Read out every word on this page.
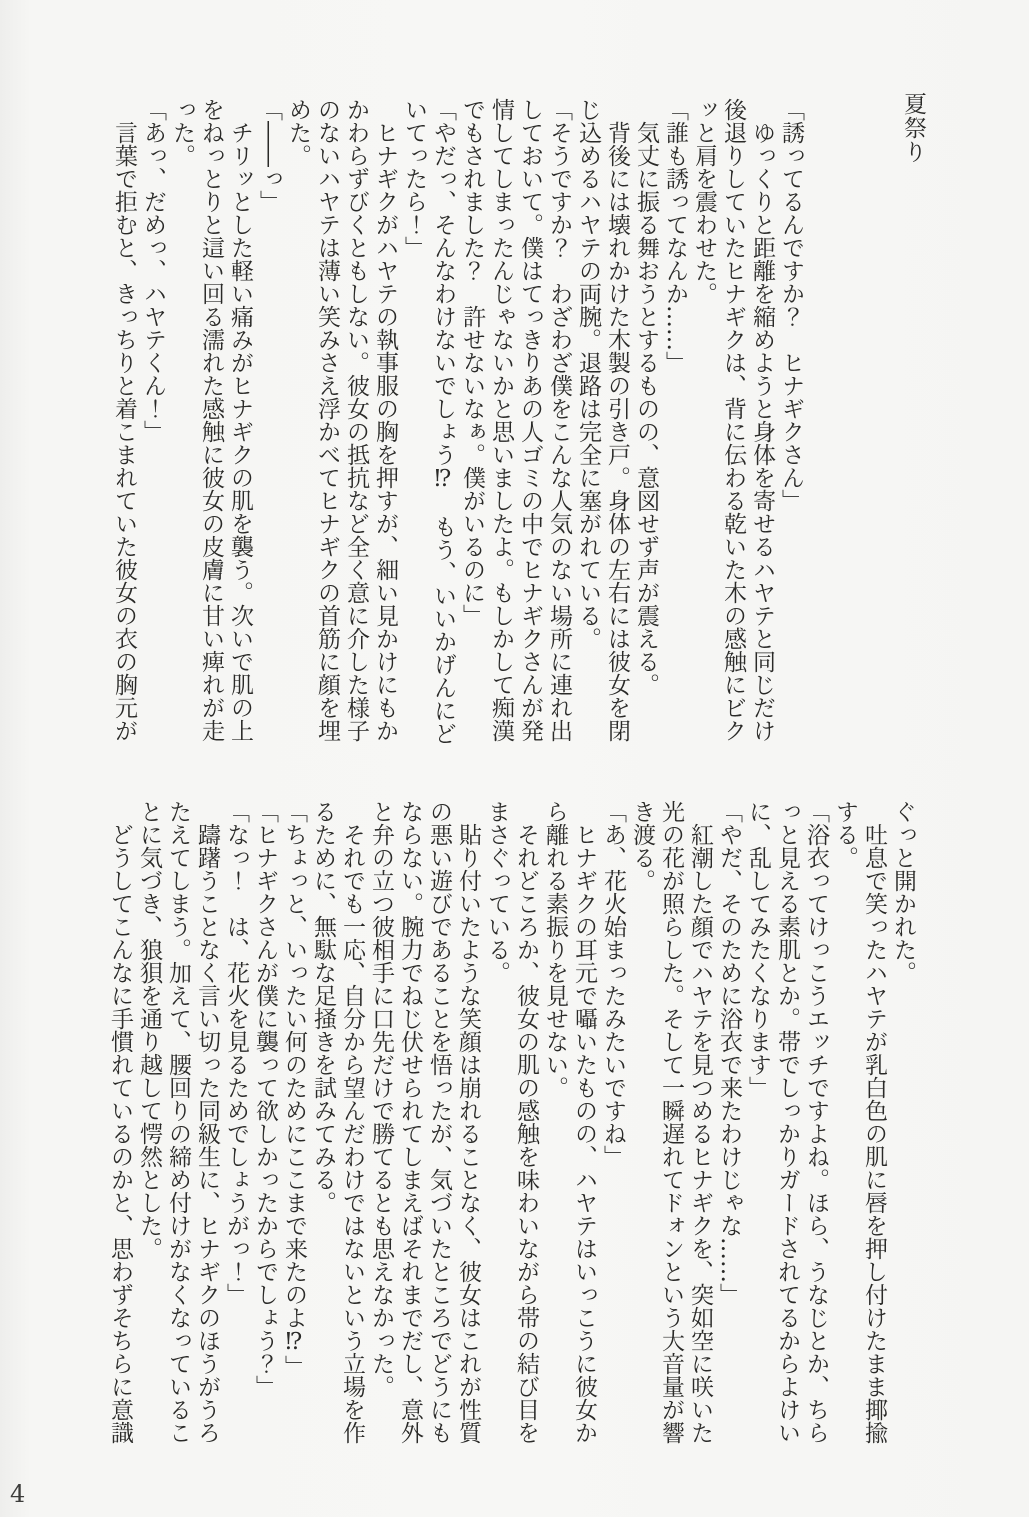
夏祭り
「誘ってるんですか？　ヒナギクさん」
　ゆっくりと距離を縮めようと身体を寄せるハヤテと同じだけ
後退りしていたヒナギクは、背に伝わる乾いた木の感触にビク
ッと肩を震わせた。
「誰も誘ってなんか……」
　気丈に振る舞おうとするものの、意図せず声が震える。
　背後には壊れかけた木製の引き戸。身体の左右には彼女を閉
じ込めるハヤテの両腕。退路は完全に塞がれている。
「そうですか？　わざわざ僕をこんな人気のない場所に連れ出
しておいて。僕はてっきりあの人ゴミの中でヒナギクさんが発
情してしまったんじゃないかと思いましたよ。もしかして痴漢
でもされました？　許せないなぁ。僕がいるのに」
「やだっ、そんなわけないでしょう⁉　もう、いいかげんにど
いてったら！」
　ヒナギクがハヤテの執事服の胸を押すが、細い見かけにもか
かわらずびくともしない。彼女の抵抗など全く意に介した様子
のないハヤテは薄い笑みさえ浮かべてヒナギクの首筋に顔を埋
めた。
「――っ」
　チリッとした軽い痛みがヒナギクの肌を襲う。次いで肌の上
をねっとりと這い回る濡れた感触に彼女の皮膚に甘い痺れが走
った。
「あっ、だめっ、ハヤテくん！」
　言葉で拒むと、きっちりと着こまれていた彼女の衣の胸元が
ぐっと開かれた。
　吐息で笑ったハヤテが乳白色の肌に唇を押し付けたまま揶揄
する。
「浴衣ってけっこうエッチですよね。ほら、うなじとか、ちら
っと見える素肌とか。帯でしっかりガードされてるからよけい
に、乱してみたくなります」
「やだ、そのために浴衣で来たわけじゃな……」
　紅潮した顔でハヤテを見つめるヒナギクを、突如空に咲いた
光の花が照らした。そして一瞬遅れてドォンという大音量が響
き渡る。
「あ、花火始まったみたいですね」
　ヒナギクの耳元で囁いたものの、ハヤテはいっこうに彼女か
ら離れる素振りを見せない。
　それどころか、彼女の肌の感触を味わいながら帯の結び目を
まさぐっている。
　貼り付いたような笑顔は崩れることなく、彼女はこれが性質
の悪い遊びであることを悟ったが、気づいたところでどうにも
ならない。腕力でねじ伏せられてしまえばそれまでだし、意外
と弁の立つ彼相手に口先だけで勝てるとも思えなかった。
　それでも一応、自分から望んだわけではないという立場を作
るために、無駄な足掻きを試みてみる。
「ちょっと、いったい何のためにここまで来たのよ⁉」
「ヒナギクさんが僕に襲って欲しかったからでしょう？」
「なっ！　は、花火を見るためでしょうがっ！」
　躊躇うことなく言い切った同級生に、ヒナギクのほうがうろ
たえてしまう。加えて、腰回りの締め付けがなくなっているこ
とに気づき、狼狽を通り越して愕然とした。
　どうしてこんなに手慣れているのかと、思わずそちらに意識
4
